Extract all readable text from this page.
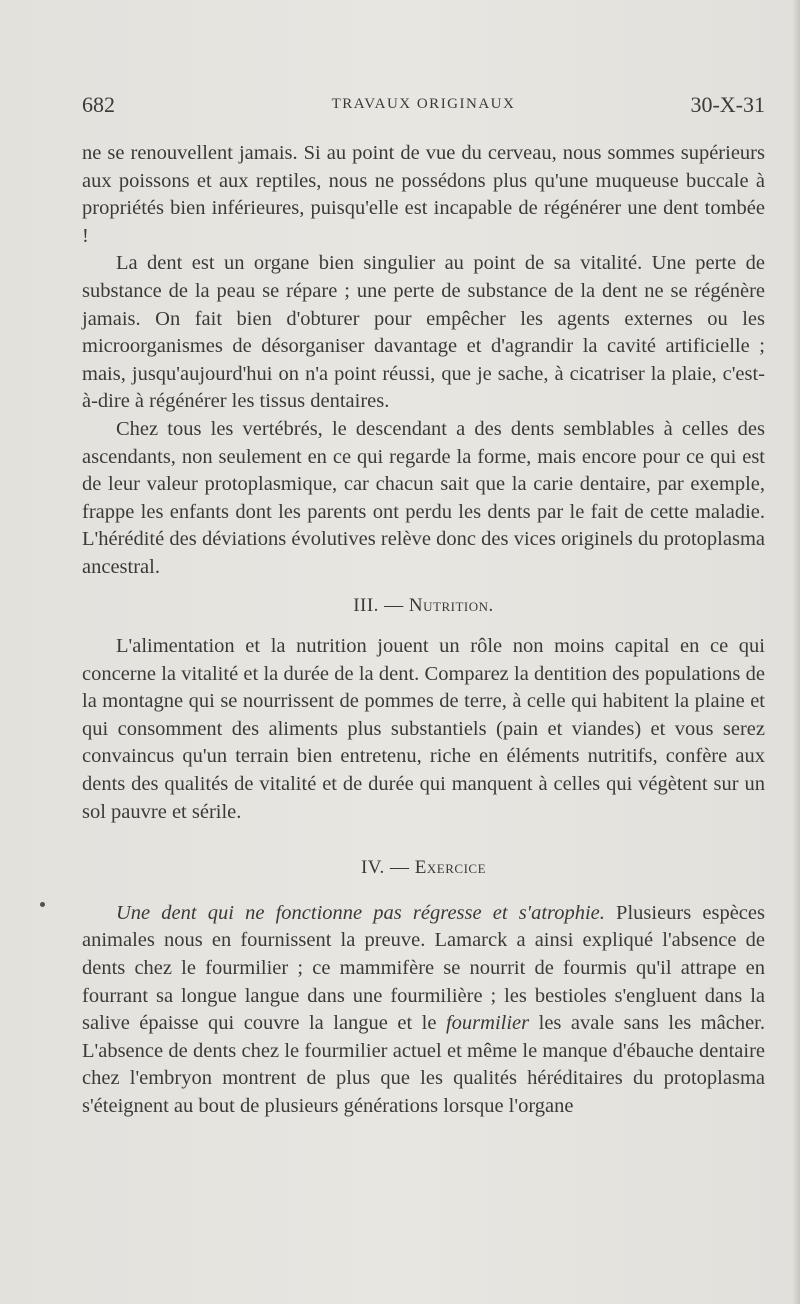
682	TRAVAUX ORIGINAUX	30-X-31

ne se renouvellent jamais. Si au point de vue du cerveau, nous sommes supérieurs aux poissons et aux reptiles, nous ne possédons plus qu'une muqueuse buccale à propriétés bien inférieures, puisqu'elle est incapable de régénérer une dent tombée !

La dent est un organe bien singulier au point de sa vitalité. Une perte de substance de la peau se répare ; une perte de substance de la dent ne se régénère jamais. On fait bien d'obturer pour empêcher les agents externes ou les microorganismes de désorganiser davantage et d'agrandir la cavité artificielle ; mais, jusqu'aujourd'hui on n'a point réussi, que je sache, à cicatriser la plaie, c'est-à-dire à régénérer les tissus dentaires.

Chez tous les vertébrés, le descendant a des dents semblables à celles des ascendants, non seulement en ce qui regarde la forme, mais encore pour ce qui est de leur valeur protoplasmique, car chacun sait que la carie dentaire, par exemple, frappe les enfants dont les parents ont perdu les dents par le fait de cette maladie. L'hérédité des déviations évolutives relève donc des vices originels du protoplasma ancestral.

III. — Nutrition.

L'alimentation et la nutrition jouent un rôle non moins capital en ce qui concerne la vitalité et la durée de la dent. Comparez la dentition des populations de la montagne qui se nourrissent de pommes de terre, à celle qui habitent la plaine et qui consomment des aliments plus substantiels (pain et viandes) et vous serez convaincus qu'un terrain bien entretenu, riche en éléments nutritifs, confère aux dents des qualités de vitalité et de durée qui manquent à celles qui végètent sur un sol pauvre et sérile.

IV. — Exercice

Une dent qui ne fonctionne pas régresse et s'atrophie. Plusieurs espèces animales nous en fournissent la preuve. Lamarck a ainsi expliqué l'absence de dents chez le fourmilier ; ce mammifère se nourrit de fourmis qu'il attrape en fourrant sa longue langue dans une fourmilière ; les bestioles s'engluent dans la salive épaisse qui couvre la langue et le fourmilier les avale sans les mâcher. L'absence de dents chez le fourmilier actuel et même le manque d'ébauche dentaire chez l'embryon montrent de plus que les qualités héréditaires du protoplasma s'éteignent au bout de plusieurs générations lorsque l'organe
